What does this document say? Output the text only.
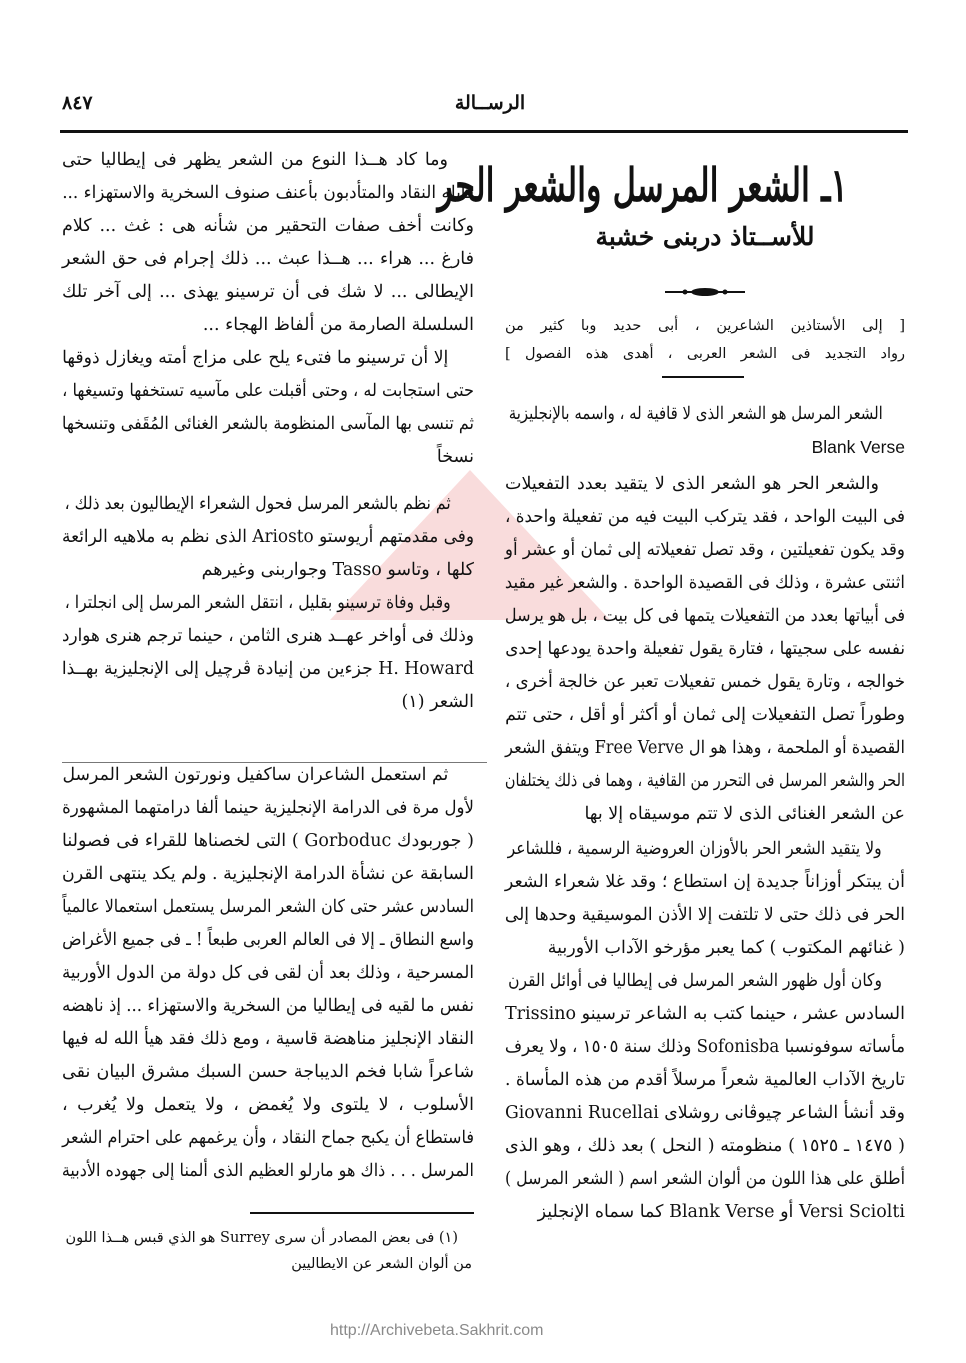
http://Archivebeta.Sakhrit.com
٨٤٧	الرســالة
١ـ الشعر المرسل والشعر الحر
للأســتاذ دربنى خشبة
[ إلى الأستاذين الشاعرين ، أبى حديد وبا كثير من
رواد التجديد فى الشعر العربى ، أهدى هذه الفصول ]
الشعر المرسل هو الشعر الذى لا قافية له ، واسمه بالإنجليزية
Blank Verse
والشعر الحر هو الشعر الذى لا يتقيد بعدد التفعيلات
فى البيت الواحد ، فقد يتركب البيت فيه من تفعيلة واحدة ،
وقد يكون تفعيلتين ، وقد تصل تفعيلاته إلى ثمان أو عشر أو
اثنتى عشرة ، وذلك فى القصيدة الواحدة . والشعر غير مقيد
فى أبياتها بعدد من التفعيلات يتمها فى كل بيت ، بل هو يرسل
نفسه على سجيتها ، فتارة يقول تفعيلة واحدة يودعها إحدى
خوالجه ، وتارة يقول خمس تفعيلات تعبر عن خالجة أخرى ،
وطوراً تصل التفعيلات إلى ثمان أو أكثر أو أقل ، حتى تتم
القصيدة أو الملحمة ، وهذا هو ال Free Verve ويتفق الشعر
الحر والشعر المرسل فى التحرر من القافية ، وهما فى ذلك يختلفان
عن الشعر الغنائى الذى لا تتم موسيقاه إلا بها
ولا يتقيد الشعر الحر بالأوزان العروضية الرسمية ، فللشاعر
أن يبتكر أوزاناً جديدة إن استطاع ؛ وقد غلا شعراء الشعر
الحر فى ذلك حتى لا تلتفت إلا الأذن الموسيقية وحدها إلى
( غنائهم المكتوب ) كما يعبر مؤرخو الآداب الأوربية
وكان أول ظهور الشعر المرسل فى إيطاليا فى أوائل القرن
السادس عشر ، حينما كتب به الشاعر ترسينو Trissino
مأساته سوفونسبا Sofonisba وذلك سنة ١٥٠٥ ، ولا يعرف
تاريخ الآداب العالمية شعراً مرسلاً أقدم من هذه المأساة .
وقد أنشأ الشاعر چيوڤانى روشلاى Giovanni Rucellai
( ١٤٧٥ ـ ١٥٢٥ ) منظومته ( النحل ) بعد ذلك ، وهو الذى
أطلق على هذا اللون من ألوان الشعر اسم ( الشعر المرسل )
Versi Sciolti أو Blank Verse كما سماه الإنجليز
وما كاد هــذا النوع من الشعر يظهر فى إيطاليا حتى
قابله النقاد والمتأدبون بأعنف صنوف السخرية والاستهزاء ...
وكانت أخف صفات التحقير من شأنه هى : غث ... كلام
فارغ ... هراء ... هــذا عبث ... ذلك إجرام فى حق الشعر
الإيطالى ... لا شك فى أن ترسينو يهذى ... إلى آخر تلك
السلسلة الصارمة من ألفاظ الهجاء ...
إلا أن ترسينو ما فتىء يلح على مزاج أمته ويغازل ذوقها
حتى استجابت له ، وحتى أقبلت على مآسيه تستخفها وتسيغها ،
ثم تنسى بها المآسى المنظومة بالشعر الغنائى المُقَفى وتنسخها
نسخاً
ثم نظم بالشعر المرسل فحول الشعراء الإيطاليون بعد ذلك ،
وفى مقدمتهم أريوستو Ariosto الذى نظم به ملاهيه الرائعة
كلها ، وتاسو Tasso وجواربنى وغيرهم
وقبل وفاة ترسينو بقليل ، انتقل الشعر المرسل إلى انجلترا ،
وذلك فى أواخر عهــد هنرى الثامن ، حينما ترجم هنرى هوارد
H. Howard جزءين من إنيادة ڤرچيل إلى الإنجليزية بهــذا
الشعر (١)
ثم استعمل الشاعران ساكفيل ونورتون الشعر المرسل
لأول مرة فى الدرامة الإنجليزية حينما ألفا درامتهما المشهورة
( جوربودك Gorboduc ) التى لخصناها للقراء فى فصولنا
السابقة عن نشأة الدرامة الإنجليزية . ولم يكد ينتهى القرن
السادس عشر حتى كان الشعر المرسل يستعمل استعمالا عالمياً
واسع النطاق ـ إلا فى العالم العربى طبعاً ! ـ فى جميع الأغراض
المسرحية ، وذلك بعد أن لقى فى كل دولة من الدول الأوربية
نفس ما لقيه فى إيطاليا من السخرية والاستهزاء ... إذ ناهضه
النقاد الإنجليز مناهضة قاسية ، ومع ذلك فقد هيأ الله له فيها
شاعراً شابا فخم الديباجة حسن السبك مشرق البيان نقى
الأسلوب ، لا يلتوى ولا يُغمض ، ولا يتعمل ولا يُغرب ،
فاستطاع أن يكبح جماح النقاد ، وأن يرغمهم على احترام الشعر
المرسل . . . ذاك هو مارلو العظيم الذى ألمنا إلى جهوده الأدبية
(١) فى بعض المصادر أن سرى Surrey هو الذي قبس هــذا اللون
من ألوان الشعر عن الايطاليين
